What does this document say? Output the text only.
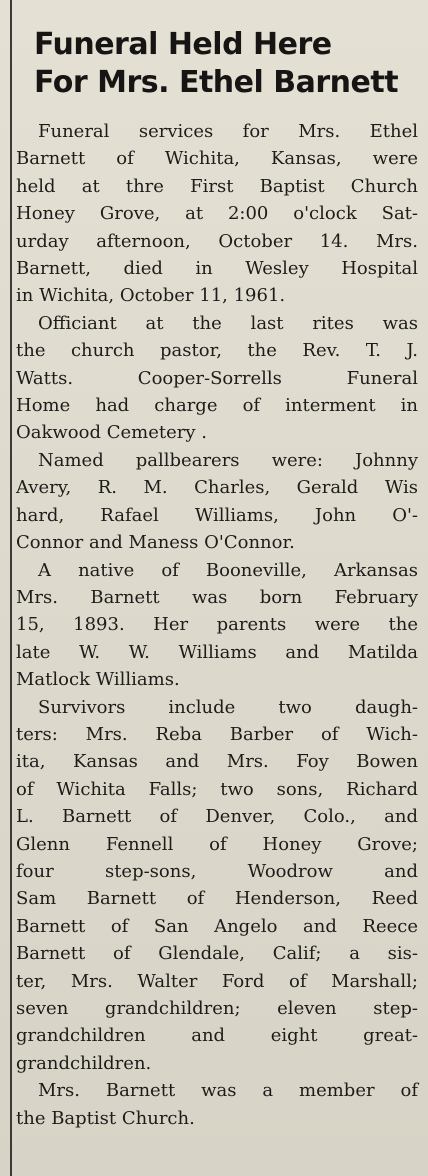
Funeral Held Here
For Mrs. Ethel Barnett

Funeral services for Mrs. Ethel
Barnett of Wichita, Kansas, were
held at thre First Baptist Church
Honey Grove, at 2:00 o'clock Sat-
urday afternoon, October 14. Mrs.
Barnett, died in Wesley Hospital
in Wichita, October 11, 1961.

Officiant at the last rites was
the church pastor, the Rev. T. J.
Watts. Cooper-Sorrells Funeral
Home had charge of interment in
Oakwood Cemetery .

Named pallbearers were: Johnny
Avery, R. M. Charles, Gerald Wis
hard, Rafael Williams, John O'-
Connor and Maness O'Connor.

A native of Booneville, Arkansas
Mrs. Barnett was born February
15, 1893. Her parents were the
late W. W. Williams and Matilda
Matlock Williams.

Survivors include two daugh-
ters: Mrs. Reba Barber of Wich-
ita, Kansas and Mrs. Foy Bowen
of Wichita Falls; two sons, Richard
L. Barnett of Denver, Colo., and
Glenn Fennell of Honey Grove;
four step-sons, Woodrow and
Sam Barnett of Henderson, Reed
Barnett of San Angelo and Reece
Barnett of Glendale, Calif; a sis-
ter, Mrs. Walter Ford of Marshall;
seven grandchildren; eleven step-
grandchildren and eight great-
grandchildren.

Mrs. Barnett was a member of
the Baptist Church.
